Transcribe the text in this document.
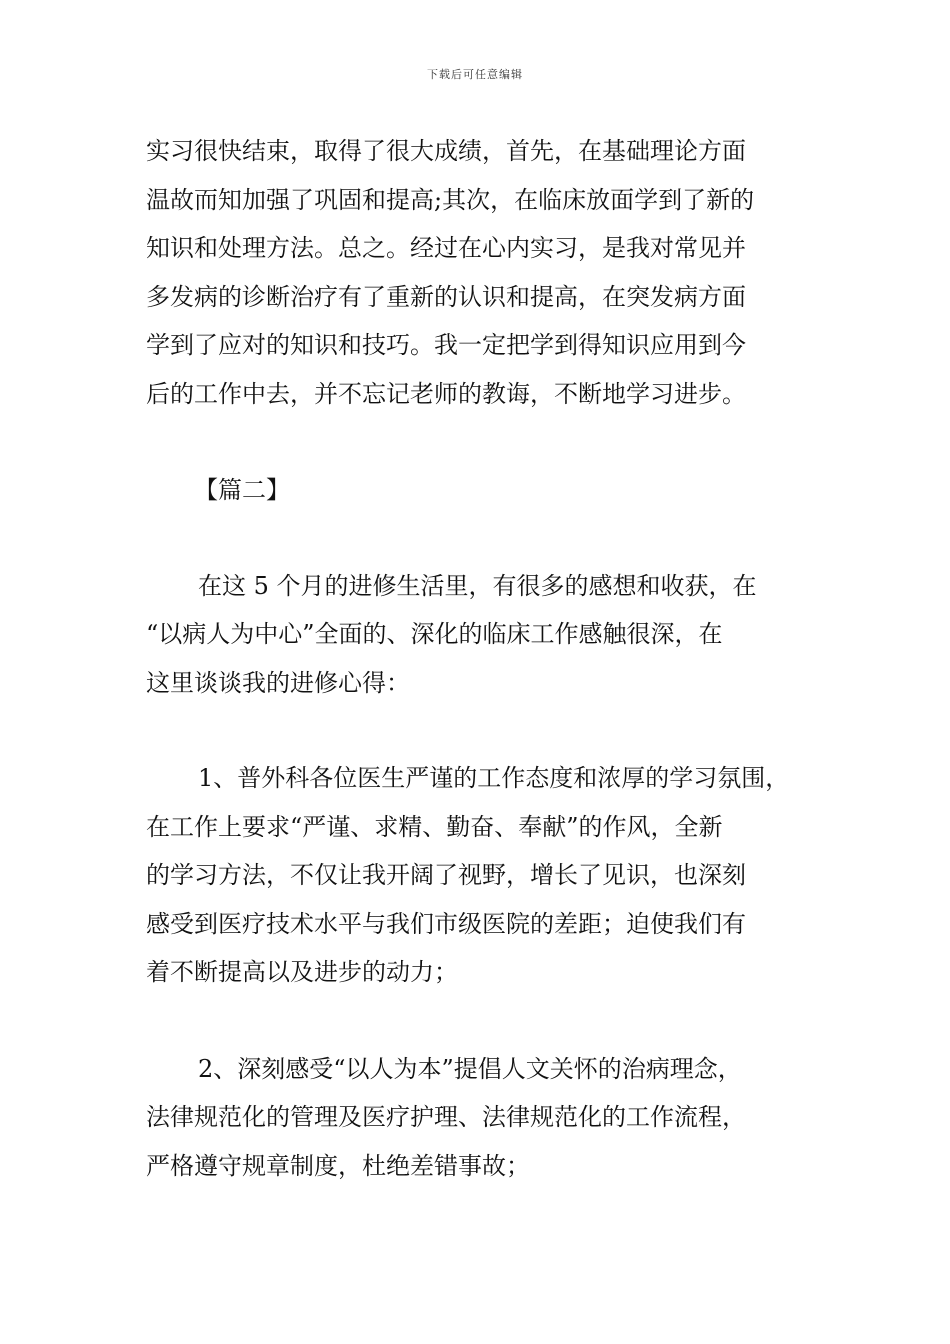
下载后可任意编辑

实习很快结束，取得了很大成绩，首先，在基础理论方面
温故而知加强了巩固和提高;其次，在临床放面学到了新的
知识和处理方法。总之。经过在心内实习，是我对常见并
多发病的诊断治疗有了重新的认识和提高，在突发病方面
学到了应对的知识和技巧。我一定把学到得知识应用到今
后的工作中去，并不忘记老师的教诲，不断地学习进步。

【篇二】

在这 5 个月的进修生活里，有很多的感想和收获，在
“以病人为中心”全面的、深化的临床工作感触很深，在
这里谈谈我的进修心得：

1、普外科各位医生严谨的工作态度和浓厚的学习氛围，
在工作上要求“严谨、求精、勤奋、奉献”的作风，全新
的学习方法，不仅让我开阔了视野，增长了见识，也深刻
感受到医疗技术水平与我们市级医院的差距；迫使我们有
着不断提高以及进步的动力；

2、深刻感受“以人为本”提倡人文关怀的治病理念，
法律规范化的管理及医疗护理、法律规范化的工作流程，
严格遵守规章制度，杜绝差错事故；
